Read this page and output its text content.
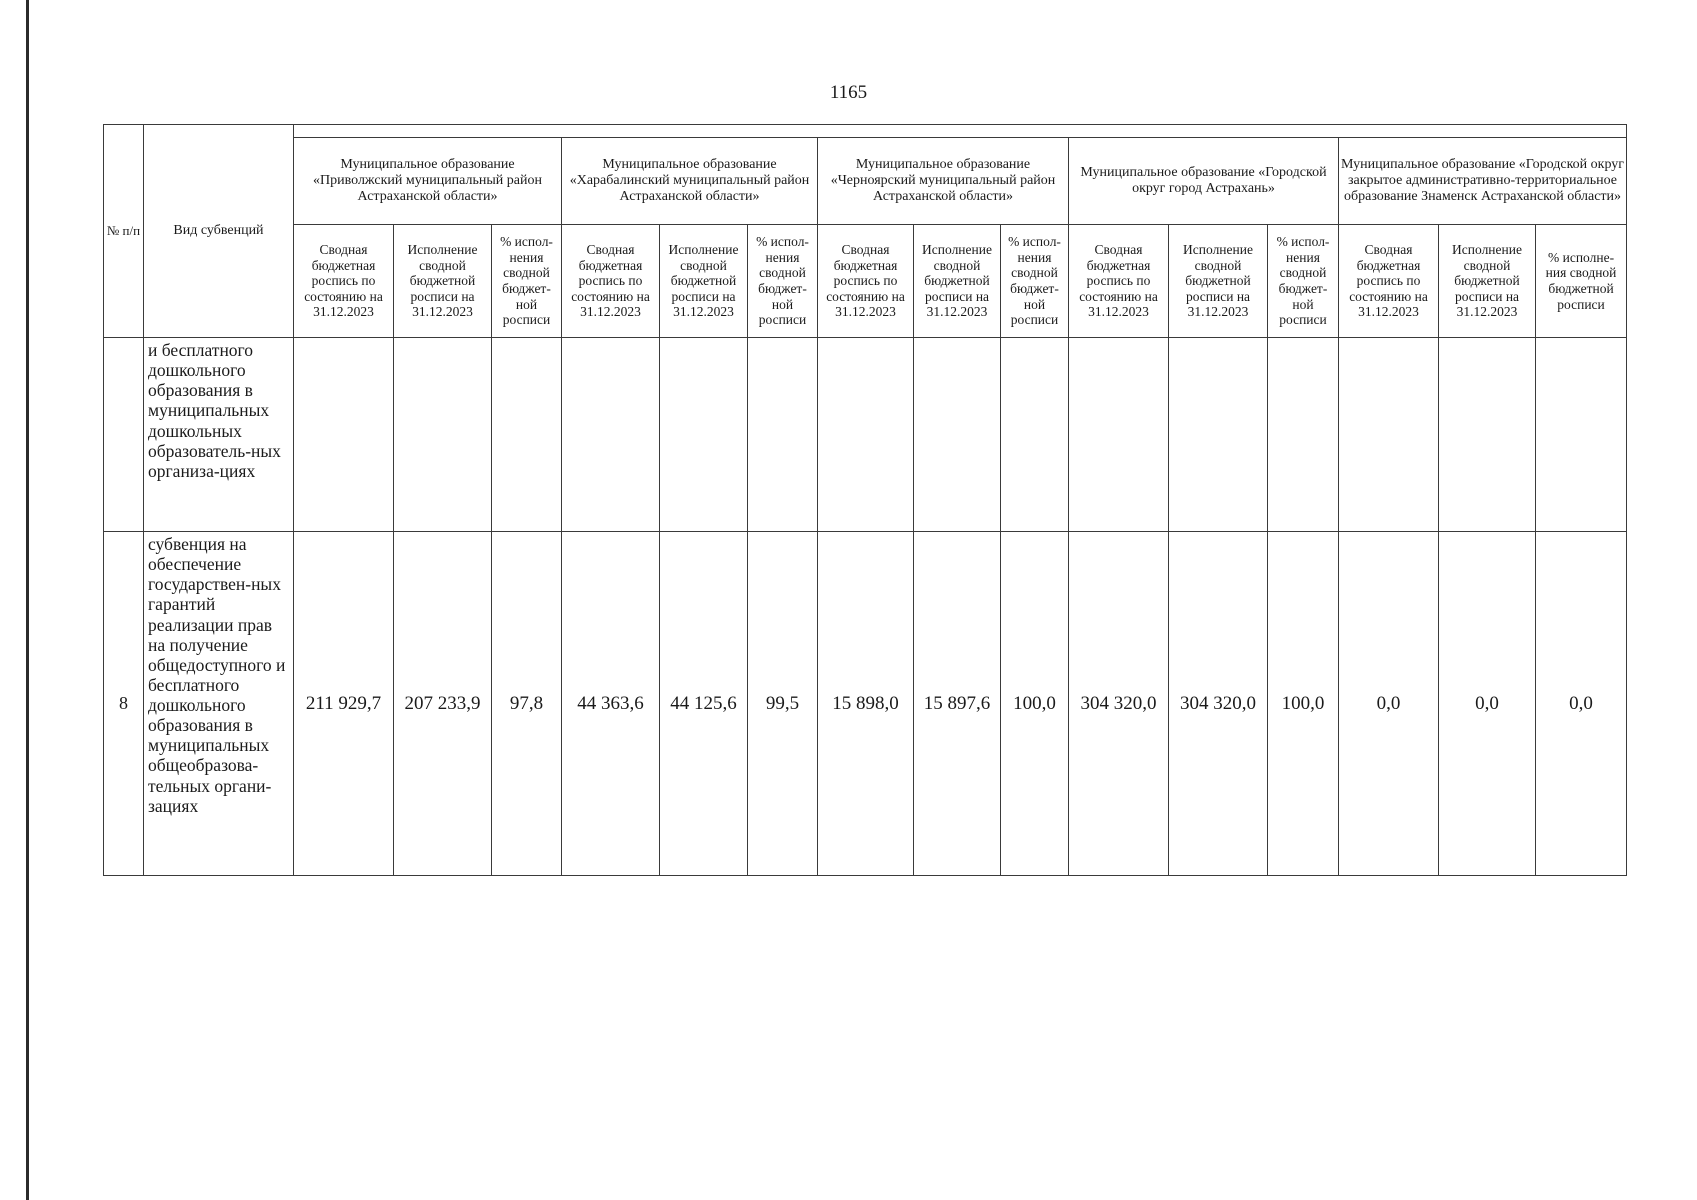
1165
№ п/п	Вид субвенций															
		Муниципальное образование «Приволжский муниципальный район Астраханской области»			Муниципальное образование «Харабалинский муниципальный район Астраханской области»			Муниципальное образование «Черноярский муниципальный район Астраханской области»			Муниципальное образование «Городской округ город Астрахань»			Муниципальное образование «Городской округ закрытое административно-территориальное образование Знаменск Астраханской области»		
		Сводная бюджетная роспись по состоянию на 31.12.2023	Исполнение сводной бюджетной росписи на 31.12.2023	% испол-нения сводной бюджет-ной росписи	Сводная бюджетная роспись по состоянию на 31.12.2023	Исполнение сводной бюджетной росписи на 31.12.2023	% испол-нения сводной бюджет-ной росписи	Сводная бюджетная роспись по состоянию на 31.12.2023	Исполнение сводной бюджетной росписи на 31.12.2023	% испол-нения сводной бюджет-ной росписи	Сводная бюджетная роспись по состоянию на 31.12.2023	Исполнение сводной бюджетной росписи на 31.12.2023	% испол-нения сводной бюджет-ной росписи	Сводная бюджетная роспись по состоянию на 31.12.2023	Исполнение сводной бюджетной росписи на 31.12.2023	% исполне-ния сводной бюджетной росписи
	и бесплатного дошкольного образования в муниципальных дошкольных образователь-ных организа-циях															
8	субвенция на обеспечение государствен-ных гарантий реализации прав на получение общедоступного и бесплатного дошкольного образования в муниципальных общеобразова-тельных органи-зациях	211 929,7	207 233,9	97,8	44 363,6	44 125,6	99,5	15 898,0	15 897,6	100,0	304 320,0	304 320,0	100,0	0,0	0,0	0,0
